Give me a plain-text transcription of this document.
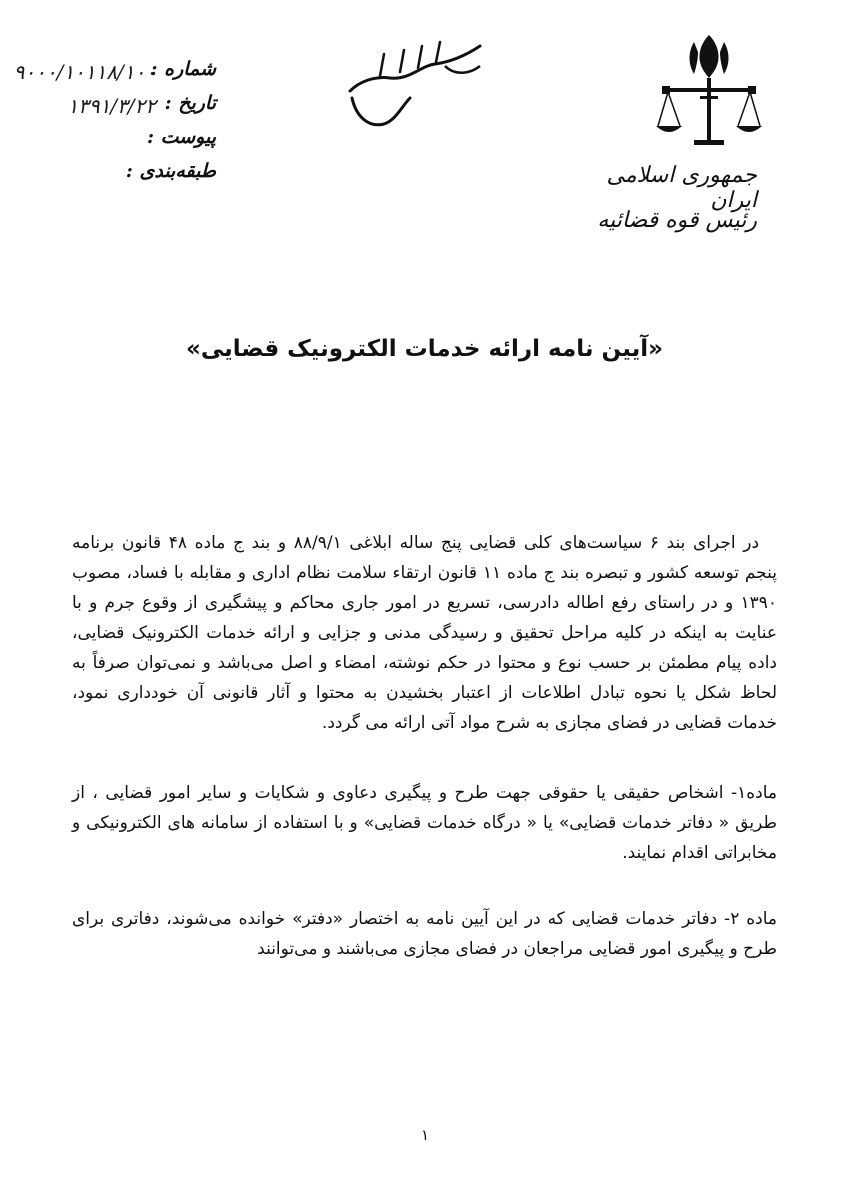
جمهوری اسلامی ایران
رئیس قوه قضائیه
شماره :
۹۰۰۰/۱۰۱۱۸/۱۰۰
تاریخ :
۱۳۹۱/۳/۲۲
پیوست :
طبقه‌بندی :
«آیین نامه ارائه خدمات الکترونیک قضایی»

در اجرای بند ۶ سیاست‌های کلی قضایی پنج ساله ابلاغی ۸۸/۹/۱ و بند ج ماده ۴۸ قانون برنامه پنجم توسعه کشور و تبصره بند ج ماده ۱۱ قانون ارتقاء سلامت نظام اداری و مقابله با فساد، مصوب ۱۳۹۰ و در راستای رفع اطاله دادرسی، تسریع در امور جاری محاکم و پیشگیری از وقوع جرم و با عنایت به اینکه در کلیه مراحل تحقیق و رسیدگی مدنی و جزایی و ارائه خدمات الکترونیک قضایی، داده پیام مطمئن بر حسب نوع و محتوا در حکم نوشته، امضاء و اصل می‌باشد و نمی‌توان صرفاً به لحاظ شکل یا نحوه تبادل اطلاعات از اعتبار بخشیدن به محتوا و آثار قانونی آن خودداری نمود، خدمات قضایی در فضای مجازی به شرح مواد آتی ارائه می گردد.

ماده۱- اشخاص حقیقی یا حقوقی جهت طرح و پیگیری دعاوی و شکایات و سایر امور قضایی ، از طریق « دفاتر خدمات قضایی» یا « درگاه خدمات قضایی» و با استفاده از سامانه های الکترونیکی و مخابراتی اقدام نمایند.

ماده ۲- دفاتر خدمات قضایی که در این آیین نامه به اختصار «دفتر» خوانده می‌شوند، دفاتری برای طرح و پیگیری امور قضایی مراجعان در فضای مجازی می‌باشند و می‌توانند

۱
